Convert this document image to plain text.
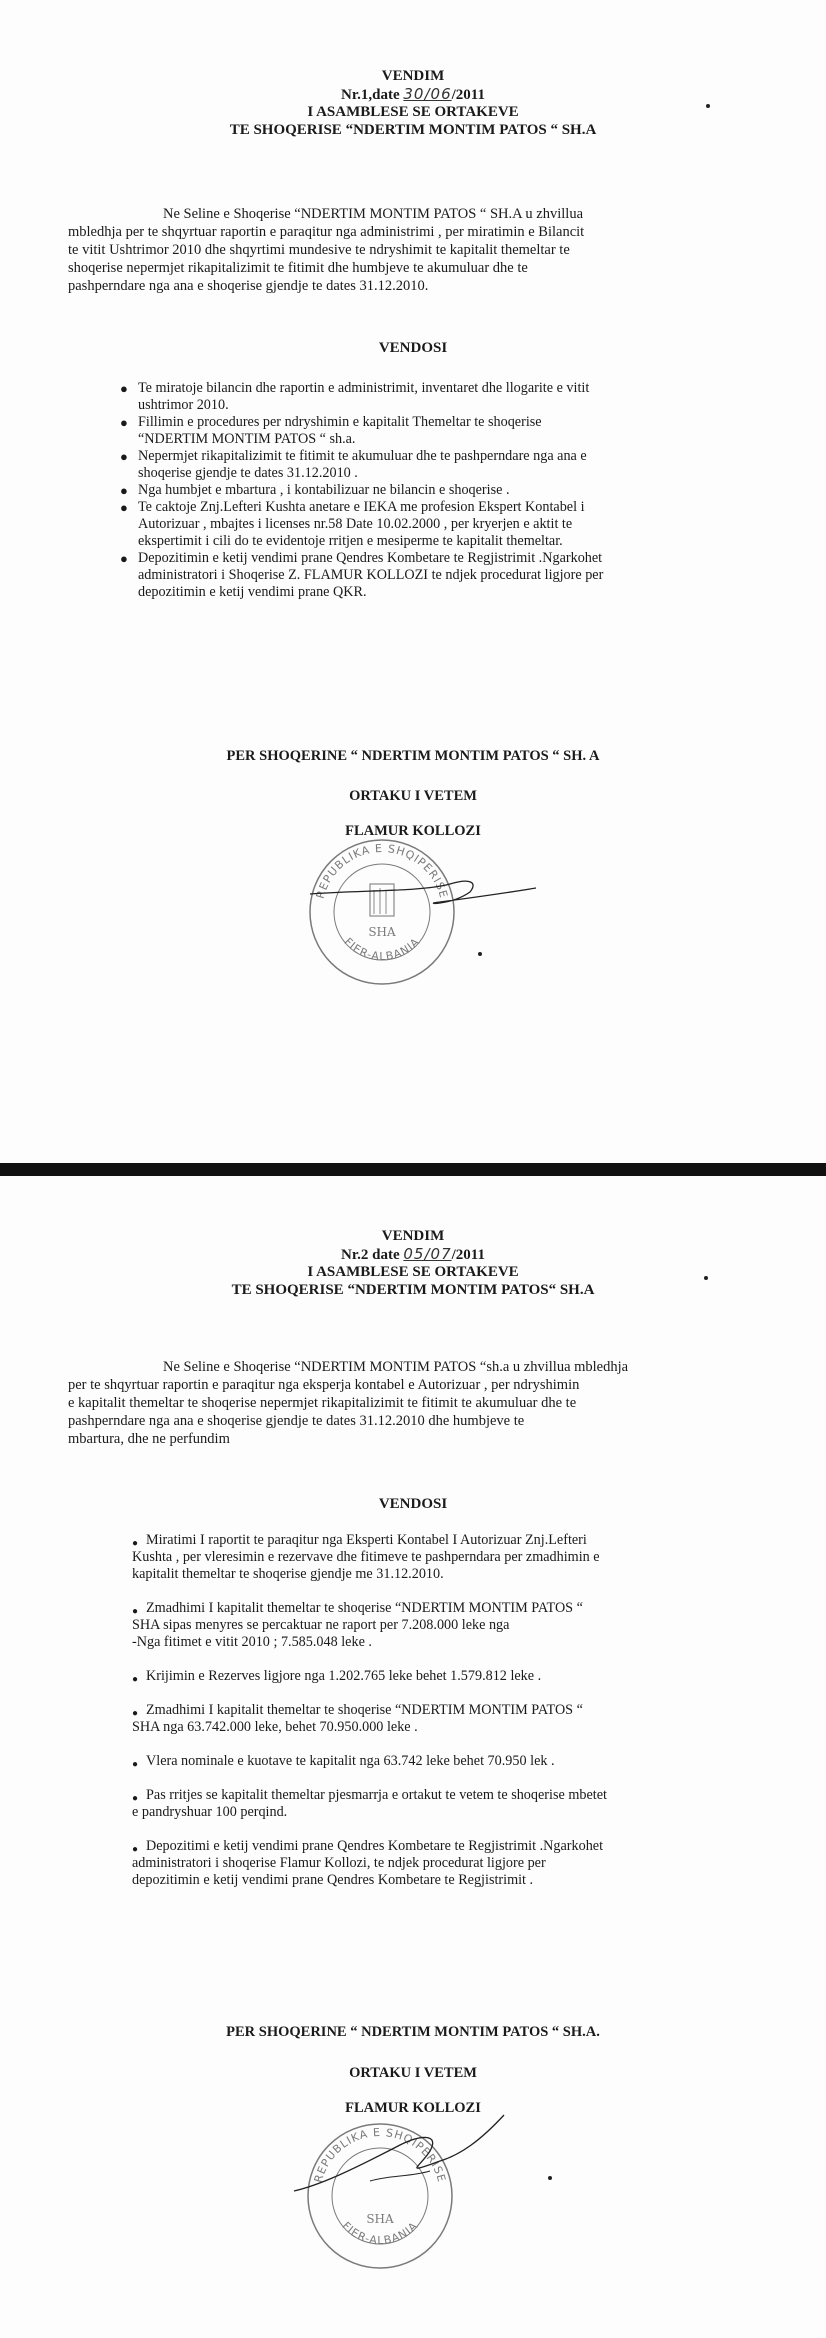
VENDIM
Nr.1,date 30/06/2011
I ASAMBLESE SE ORTAKEVE
TE SHOQERISE “NDERTIM MONTIM PATOS “ SH.A
Ne Seline e Shoqerise “NDERTIM MONTIM PATOS “ SH.A u zhvillua
mbledhja per te shqyrtuar raportin e paraqitur nga administrimi , per miratimin e Bilancit
te vitit Ushtrimor 2010 dhe shqyrtimi mundesive te ndryshimit te kapitalit themeltar te
shoqerise nepermjet rikapitalizimit te fitimit dhe humbjeve te akumuluar dhe te
pashperndare nga ana e shoqerise gjendje te dates 31.12.2010.
VENDOSI
● Te miratoje bilancin dhe raportin e administrimit, inventaret dhe llogarite e vitit
ushtrimor 2010.
● Fillimin e procedures per ndryshimin e kapitalit Themeltar te shoqerise
“NDERTIM MONTIM PATOS “ sh.a.
● Nepermjet rikapitalizimit te fitimit te akumuluar dhe te pashperndare nga ana e
shoqerise gjendje te dates 31.12.2010 .
● Nga humbjet e mbartura , i kontabilizuar ne bilancin e shoqerise .
● Te caktoje Znj.Lefteri Kushta anetare e IEKA me profesion Ekspert Kontabel i
Autorizuar , mbajtes i licenses nr.58 Date 10.02.2000 , per kryerjen e aktit te
ekspertimit i cili do te evidentoje rritjen e mesiperme te kapitalit themeltar.
● Depozitimin e ketij vendimi prane Qendres Kombetare te Regjistrimit .Ngarkohet
administratori i Shoqerise Z. FLAMUR KOLLOZI te ndjek procedurat ligjore per
depozitimin e ketij vendimi prane QKR.
PER SHOQERINE “ NDERTIM MONTIM PATOS “ SH. A
ORTAKU I VETEM
FLAMUR KOLLOZI
REPUBLIKA E SHQIPERISE
FIER-ALBANIA
SHA
VENDIM
Nr.2 date 05/07/2011
I ASAMBLESE SE ORTAKEVE
TE SHOQERISE “NDERTIM MONTIM PATOS“ SH.A
Ne Seline e Shoqerise “NDERTIM MONTIM PATOS “sh.a u zhvillua mbledhja
per te shqyrtuar raportin e paraqitur nga eksperja kontabel e Autorizuar , per ndryshimin
e kapitalit themeltar te shoqerise nepermjet rikapitalizimit te fitimit te akumuluar dhe te
pashperndare nga ana e shoqerise gjendje te dates 31.12.2010 dhe humbjeve te
mbartura, dhe ne perfundim
VENDOSI
● Miratimi I raportit te paraqitur nga Eksperti Kontabel I Autorizuar Znj.Lefteri
Kushta , per vleresimin e rezervave dhe fitimeve te pashperndara per zmadhimin e
kapitalit themeltar te shoqerise gjendje me 31.12.2010.
● Zmadhimi I kapitalit themeltar te shoqerise “NDERTIM MONTIM PATOS “
SHA sipas menyres se percaktuar ne raport per 7.208.000 leke nga
-Nga fitimet e vitit 2010 ; 7.585.048 leke .
● Krijimin e Rezerves ligjore nga 1.202.765 leke behet 1.579.812 leke .
● Zmadhimi I kapitalit themeltar te shoqerise “NDERTIM MONTIM PATOS “
SHA nga 63.742.000 leke, behet 70.950.000 leke .
● Vlera nominale e kuotave te kapitalit nga 63.742 leke behet 70.950 lek .
● Pas rritjes se kapitalit themeltar pjesmarrja e ortakut te vetem te shoqerise mbetet
e pandryshuar 100 perqind.
● Depozitimi e ketij vendimi prane Qendres Kombetare te Regjistrimit .Ngarkohet
administratori i shoqerise Flamur Kollozi, te ndjek procedurat ligjore per
depozitimin e ketij vendimi prane Qendres Kombetare te Regjistrimit .
PER SHOQERINE “ NDERTIM MONTIM PATOS “ SH.A.
ORTAKU I VETEM
FLAMUR KOLLOZI
REPUBLIKA E SHQIPERISE
FIER-ALBANIA
SHA
